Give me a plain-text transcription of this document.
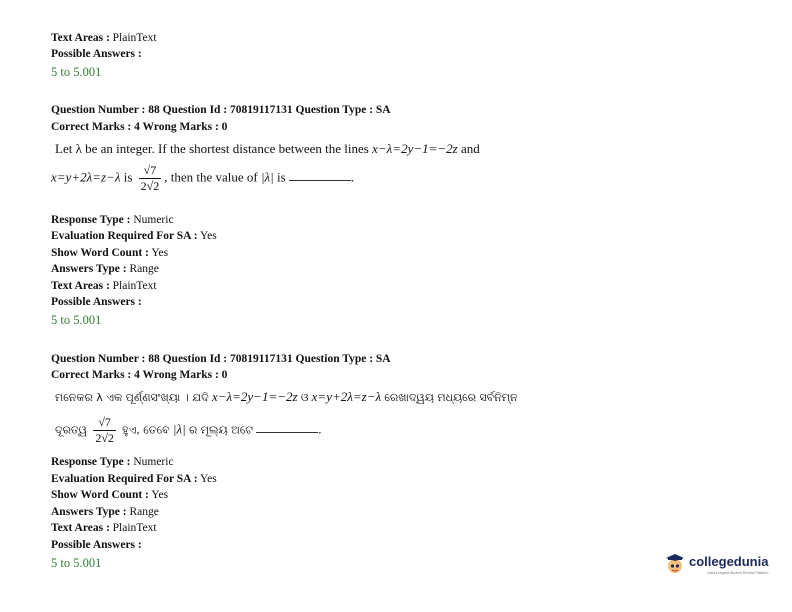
Text Areas : PlainText
Possible Answers :
5 to 5.001
Question Number : 88 Question Id : 70819117131 Question Type : SA
Correct Marks : 4 Wrong Marks : 0
Let λ be an integer. If the shortest distance between the lines x−λ=2y−1=−2z and
x=y+2λ=z−λ is $\frac{√7}{2√2}$ , then the value of |λ| is	.
Response Type : Numeric
Evaluation Required For SA : Yes
Show Word Count : Yes
Answers Type : Range
Text Areas : PlainText
Possible Answers :
5 to 5.001
Question Number : 88 Question Id : 70819117131 Question Type : SA
Correct Marks : 4 Wrong Marks : 0
ମନେକର λ ଏକ ପୂର୍ଣ୍ଣସଂଖ୍ୟା । ଯଦି x−λ=2y−1=−2z ଓ x=y+2λ=z−λ ରେଖାଦ୍ୱୟ ମଧ୍ୟରେ ସର୍ବନିମ୍ନ
ଦୂରତ୍ୱ $\frac{√7}{2√2}$ ହୁଏ, ତେବେ |λ| ର ମୂଲ୍ୟ ଅଟେ	.
Response Type : Numeric
Evaluation Required For SA : Yes
Show Word Count : Yes
Answers Type : Range
Text Areas : PlainText
Possible Answers :
5 to 5.001	collegedunia
India's largest Student Review Platform
